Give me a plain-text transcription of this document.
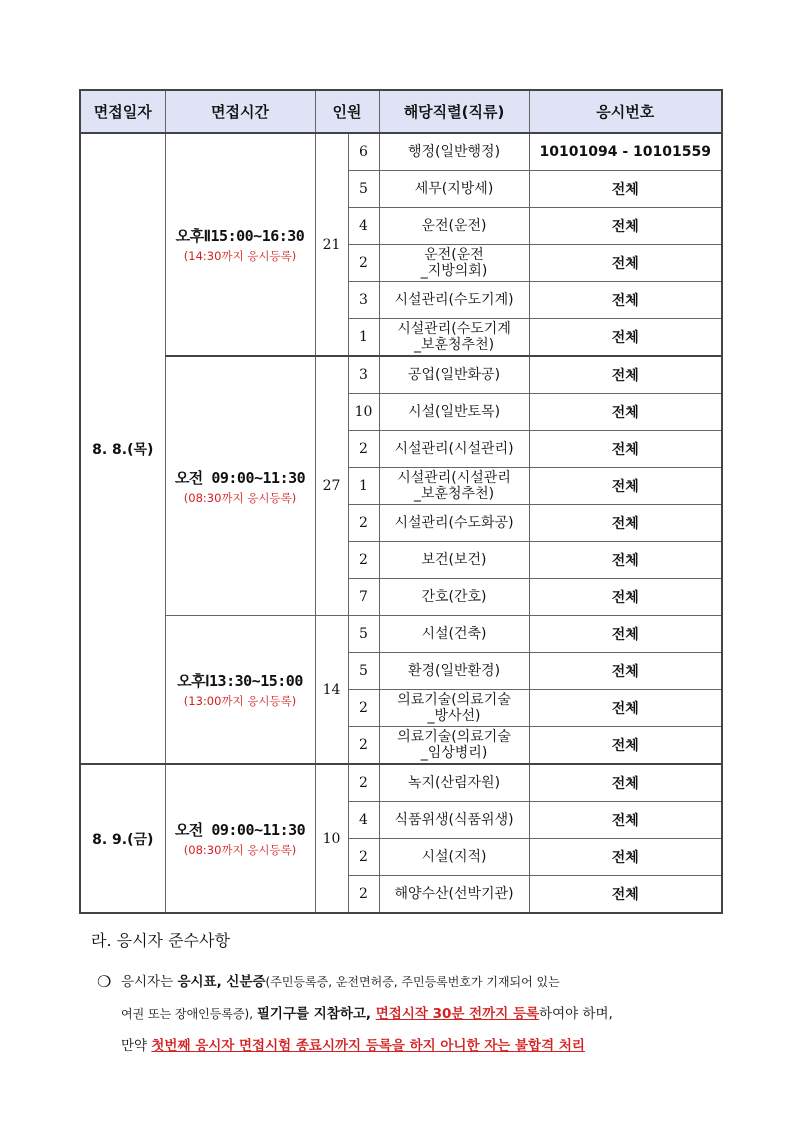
면접일자	면접시간	인원		해당직렬(직류)	응시번호
8. 8.(목)	오후Ⅱ15:00~16:30
(14:30까지 응시등록)	21	6	행정(일반행정)	10101094 - 10101559
			5	세무(지방세)	전체
			4	운전(운전)	전체
			2	운전(운전
_지방의회)	전체
			3	시설관리(수도기계)	전체
			1	시설관리(수도기계
_보훈청추천)	전체

	오전 09:00~11:30
(08:30까지 응시등록)	27	3	공업(일반화공)	전체
			10	시설(일반토목)	전체
			2	시설관리(시설관리)	전체
			1	시설관리(시설관리
_보훈청추천)	전체
			2	시설관리(수도화공)	전체
			2	보건(보건)	전체
			7	간호(간호)	전체

	오후Ⅰ13:30~15:00
(13:00까지 응시등록)	14	5	시설(건축)	전체
			5	환경(일반환경)	전체
			2	의료기술(의료기술
_방사선)	전체
			2	의료기술(의료기술
_임상병리)	전체
8. 9.(금)	오전 09:00~11:30
(08:30까지 응시등록)	10	2	녹지(산림자원)	전체
			4	식품위생(식품위생)	전체
			2	시설(지적)	전체
			2	해양수산(선박기관)	전체
라. 응시자 준수사항
❍ 응시자는 응시표, 신분증(주민등록증, 운전면허증, 주민등록번호가 기재되어 있는
여권 또는 장애인등록증), 필기구를 지참하고, 면접시작 30분 전까지 등록하여야 하며,
만약 첫번째 응시자 면접시험 종료시까지 등록을 하지 아니한 자는 불합격 처리
